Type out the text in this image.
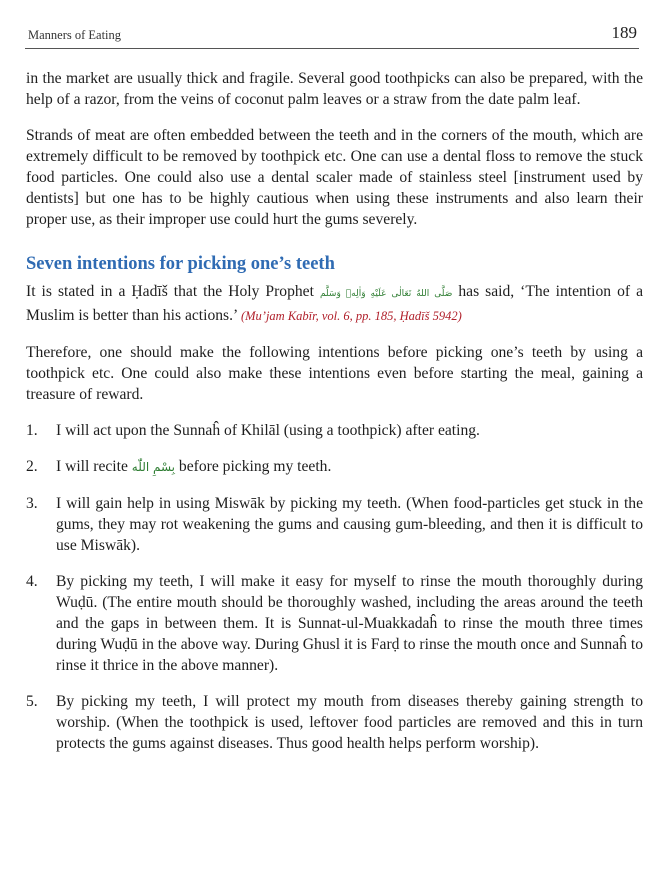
Manners of Eating	189

in the market are usually thick and fragile. Several good toothpicks can also be prepared, with the help of a razor, from the veins of coconut palm leaves or a straw from the date palm leaf.

Strands of meat are often embedded between the teeth and in the corners of the mouth, which are extremely difficult to be removed by toothpick etc. One can use a dental floss to remove the stuck food particles. One could also use a dental scaler made of stainless steel [instrument used by dentists] but one has to be highly cautious when using these instruments and also learn their proper use, as their improper use could hurt the gums severely.

Seven intentions for picking one’s teeth

It is stated in a Ḥadīš that the Holy Prophet صَلَّى اللهُ تَعَالٰى عَلَيْهِ وَاٰلِهٖ وَسَلَّم has said, ‘The intention of a Muslim is better than his actions.’ (Mu’jam Kabīr, vol. 6, pp. 185, Ḥadīš 5942)

Therefore, one should make the following intentions before picking one’s teeth by using a toothpick etc. One could also make these intentions even before starting the meal, gaining a treasure of reward.

1. I will act upon the Sunnaĥ of Khilāl (using a toothpick) after eating.
2. I will recite بِسْمِ اللّٰه before picking my teeth.
3. I will gain help in using Miswāk by picking my teeth. (When food-particles get stuck in the gums, they may rot weakening the gums and causing gum-bleeding, and then it is difficult to use Miswāk).
4. By picking my teeth, I will make it easy for myself to rinse the mouth thoroughly during Wuḍū. (The entire mouth should be thoroughly washed, including the areas around the teeth and the gaps in between them. It is Sunnat-ul-Muakkadaĥ to rinse the mouth three times during Wuḍū in the above way. During Ghusl it is Farḍ to rinse the mouth once and Sunnaĥ to rinse it thrice in the above manner).
5. By picking my teeth, I will protect my mouth from diseases thereby gaining strength to worship. (When the toothpick is used, leftover food particles are removed and this in turn protects the gums against diseases. Thus good health helps perform worship).
